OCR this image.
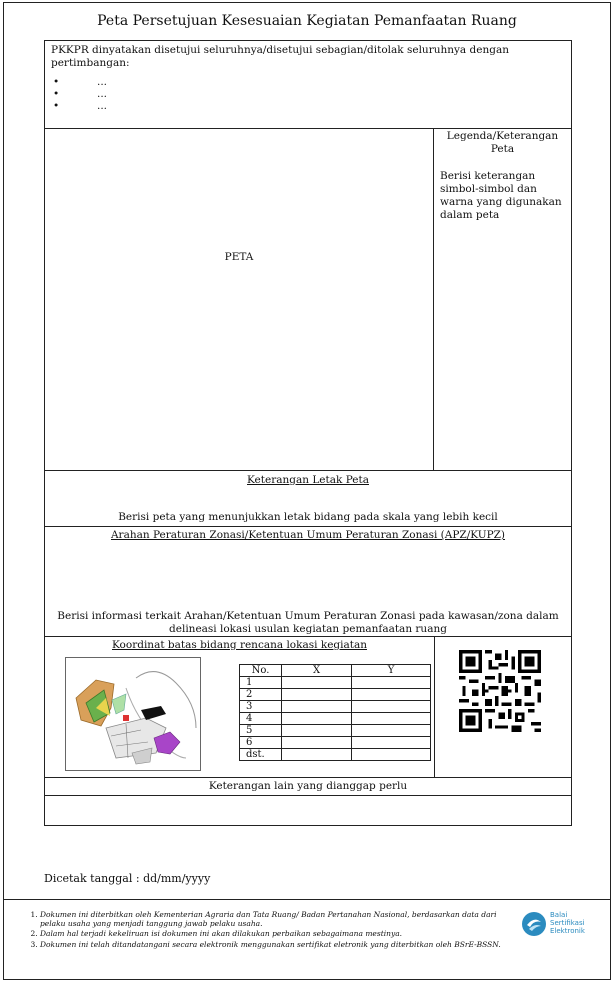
Peta Persetujuan Kesesuaian Kegiatan Pemanfaatan Ruang
PKKPR dinyatakan disetujui seluruhnya/disetujui sebagian/ditolak seluruhnya dengan pertimbangan:
• ...
• ...
• ...
PETA
Legenda/Keterangan Peta
Berisi keterangan simbol-simbol dan warna yang digunakan dalam peta
Keterangan Letak Peta
Berisi peta yang menunjukkan letak bidang pada skala yang lebih kecil
Arahan Peraturan Zonasi/Ketentuan Umum Peraturan Zonasi (APZ/KUPZ)
Berisi informasi terkait Arahan/Ketentuan Umum Peraturan Zonasi pada kawasan/zona dalam delineasi lokasi usulan kegiatan pemanfaatan ruang
Koordinat batas bidang rencana lokasi kegiatan
No.	X	Y
1		
2		
3		
4		
5		
6		
dst.		
Keterangan lain yang dianggap perlu
Dicetak tanggal : dd/mm/yyyy
1. Dokumen ini diterbitkan oleh Kementerian Agraria dan Tata Ruang/ Badan Pertanahan Nasional, berdasarkan data dari pelaku usaha yang menjadi tanggung jawab pelaku usaha.
2. Dalam hal terjadi kekeliruan isi dokumen ini akan dilakukan perbaikan sebagaimana mestinya.
3. Dokumen ini telah ditandatangani secara elektronik menggunakan sertifikat eletronik yang diterbitkan oleh BSrE-BSSN.
Balai
Sertifikasi
Elektronik
